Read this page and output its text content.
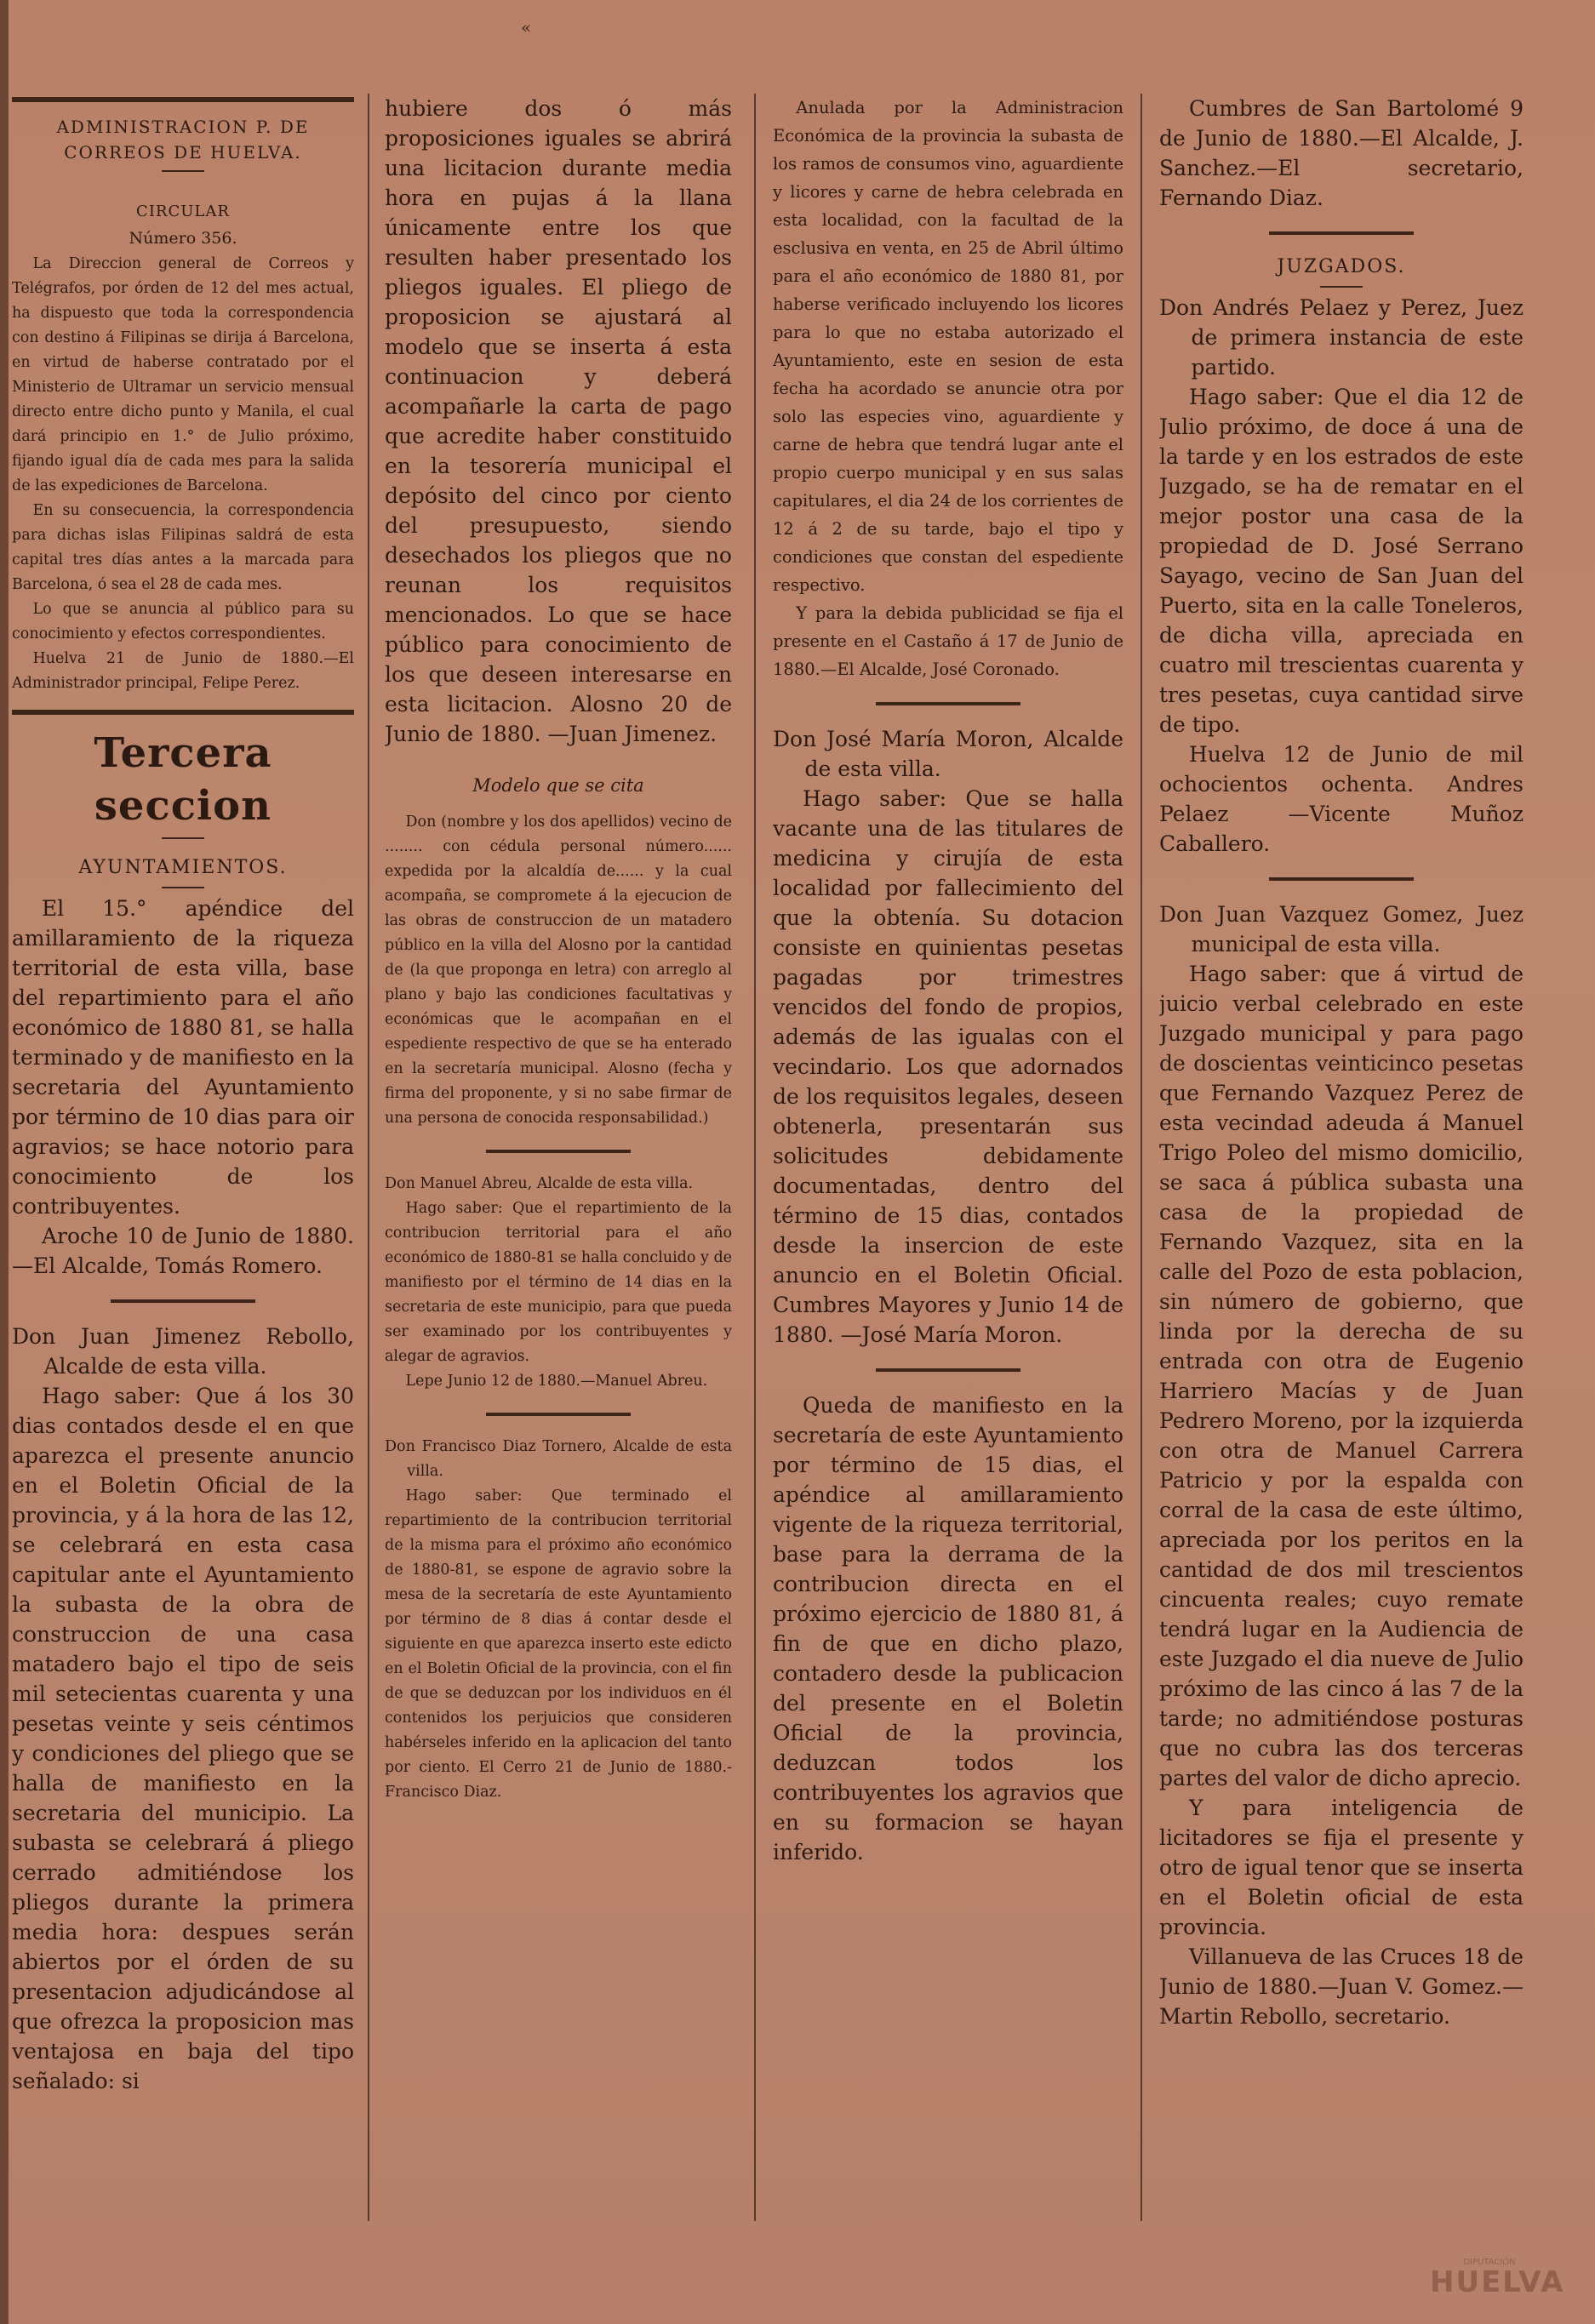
«

ADMINISTRACION P. DE CORREOS DE HUELVA.

CIRCULAR

Número 356.

La Direccion general de Correos y Telégrafos, por órden de 12 del mes actual, ha dispuesto que toda la correspondencia con destino á Filipinas se dirija á Barcelona, en virtud de haberse contratado por el Ministerio de Ultramar un servicio mensual directo entre dicho punto y Manila, el cual dará principio en 1.° de Julio próximo, fijando igual día de cada mes para la salida de las expediciones de Barcelona.

En su consecuencia, la correspondencia para dichas islas Filipinas saldrá de esta capital tres días antes a la marcada para Barcelona, ó sea el 28 de cada mes.

Lo que se anuncia al público para su conocimiento y efectos correspondientes.

Huelva 21 de Junio de 1880.—El Administrador principal, Felipe Perez.

Tercera seccion

AYUNTAMIENTOS.

El 15.° apéndice del amillaramiento de la riqueza territorial de esta villa, base del repartimiento para el año económico de 1880 81, se halla terminado y de manifiesto en la secretaria del Ayuntamiento por término de 10 dias para oir agravios; se hace notorio para conocimiento de los contribuyentes.

Aroche 10 de Junio de 1880.—El Alcalde, Tomás Romero.

Don Juan Jimenez Rebollo, Alcalde de esta villa.

Hago saber: Que á los 30 dias contados desde el en que aparezca el presente anuncio en el Boletin Oficial de la provincia, y á la hora de las 12, se celebrará en esta casa capitular ante el Ayuntamiento la subasta de la obra de construccion de una casa matadero bajo el tipo de seis mil setecientas cuarenta y una pesetas veinte y seis céntimos y condiciones del pliego que se halla de manifiesto en la secretaria del municipio. La subasta se celebrará á pliego cerrado admitiéndose los pliegos durante la primera media hora: despues serán abiertos por el órden de su presentacion adjudicándose al que ofrezca la proposicion mas ventajosa en baja del tipo señalado: si

hubiere dos ó más proposiciones iguales se abrirá una licitacion durante media hora en pujas á la llana únicamente entre los que resulten haber presentado los pliegos iguales. El pliego de proposicion se ajustará al modelo que se inserta á esta continuacion y deberá acompañarle la carta de pago que acredite haber constituido en la tesorería municipal el depósito del cinco por ciento del presupuesto, siendo desechados los pliegos que no reunan los requisitos mencionados. Lo que se hace público para conocimiento de los que deseen interesarse en esta licitacion. Alosno 20 de Junio de 1880. —Juan Jimenez.

Modelo que se cita

Don (nombre y los dos apellidos) vecino de ........ con cédula personal número...... expedida por la alcaldía de...... y la cual acompaña, se compromete á la ejecucion de las obras de construccion de un matadero público en la villa del Alosno por la cantidad de (la que proponga en letra) con arreglo al plano y bajo las condiciones facultativas y económicas que le acompañan en el espediente respectivo de que se ha enterado en la secretaría municipal. Alosno (fecha y firma del proponente, y si no sabe firmar de una persona de conocida responsabilidad.)

Don Manuel Abreu, Alcalde de esta villa.

Hago saber: Que el repartimiento de la contribucion territorial para el año económico de 1880-81 se halla concluido y de manifiesto por el término de 14 dias en la secretaria de este municipio, para que pueda ser examinado por los contribuyentes y alegar de agravios.

Lepe Junio 12 de 1880.—Manuel Abreu.

Don Francisco Diaz Tornero, Alcalde de esta villa.

Hago saber: Que terminado el repartimiento de la contribucion territorial de la misma para el próximo año económico de 1880-81, se espone de agravio sobre la mesa de la secretaría de este Ayuntamiento por término de 8 dias á contar desde el siguiente en que aparezca inserto este edicto en el Boletin Oficial de la provincia, con el fin de que se deduzcan por los individuos en él contenidos los perjuicios que consideren habérseles inferido en la aplicacion del tanto por ciento. El Cerro 21 de Junio de 1880.-Francisco Diaz.

Anulada por la Administracion Económica de la provincia la subasta de los ramos de consumos vino, aguardiente y licores y carne de hebra celebrada en esta localidad, con la facultad de la esclusiva en venta, en 25 de Abril último para el año económico de 1880 81, por haberse verificado incluyendo los licores para lo que no estaba autorizado el Ayuntamiento, este en sesion de esta fecha ha acordado se anuncie otra por solo las especies vino, aguardiente y carne de hebra que tendrá lugar ante el propio cuerpo municipal y en sus salas capitulares, el dia 24 de los corrientes de 12 á 2 de su tarde, bajo el tipo y condiciones que constan del espediente respectivo.

Y para la debida publicidad se fija el presente en el Castaño á 17 de Junio de 1880.—El Alcalde, José Coronado.

Don José María Moron, Alcalde de esta villa.

Hago saber: Que se halla vacante una de las titulares de medicina y cirujía de esta localidad por fallecimiento del que la obtenía. Su dotacion consiste en quinientas pesetas pagadas por trimestres vencidos del fondo de propios, además de las igualas con el vecindario. Los que adornados de los requisitos legales, deseen obtenerla, presentarán sus solicitudes debidamente documentadas, dentro del término de 15 dias, contados desde la insercion de este anuncio en el Boletin Oficial. Cumbres Mayores y Junio 14 de 1880. —José María Moron.

Queda de manifiesto en la secretaría de este Ayuntamiento por término de 15 dias, el apéndice al amillaramiento vigente de la riqueza territorial, base para la derrama de la contribucion directa en el próximo ejercicio de 1880 81, á fin de que en dicho plazo, contadero desde la publicacion del presente en el Boletin Oficial de la provincia, deduzcan todos los contribuyentes los agravios que en su formacion se hayan inferido.

Cumbres de San Bartolomé 9 de Junio de 1880.—El Alcalde, J. Sanchez.—El secretario, Fernando Diaz.

JUZGADOS.

Don Andrés Pelaez y Perez, Juez de primera instancia de este partido.

Hago saber: Que el dia 12 de Julio próximo, de doce á una de la tarde y en los estrados de este Juzgado, se ha de rematar en el mejor postor una casa de la propiedad de D. José Serrano Sayago, vecino de San Juan del Puerto, sita en la calle Toneleros, de dicha villa, apreciada en cuatro mil trescientas cuarenta y tres pesetas, cuya cantidad sirve de tipo.

Huelva 12 de Junio de mil ochocientos ochenta. Andres Pelaez —Vicente Muñoz Caballero.

Don Juan Vazquez Gomez, Juez municipal de esta villa.

Hago saber: que á virtud de juicio verbal celebrado en este Juzgado municipal y para pago de doscientas veinticinco pesetas que Fernando Vazquez Perez de esta vecindad adeuda á Manuel Trigo Poleo del mismo domicilio, se saca á pública subasta una casa de la propiedad de Fernando Vazquez, sita en la calle del Pozo de esta poblacion, sin número de gobierno, que linda por la derecha de su entrada con otra de Eugenio Harriero Macías y de Juan Pedrero Moreno, por la izquierda con otra de Manuel Carrera Patricio y por la espalda con corral de la casa de este último, apreciada por los peritos en la cantidad de dos mil trescientos cincuenta reales; cuyo remate tendrá lugar en la Audiencia de este Juzgado el dia nueve de Julio próximo de las cinco á las 7 de la tarde; no admitiéndose posturas que no cubra las dos terceras partes del valor de dicho aprecio.

Y para inteligencia de licitadores se fija el presente y otro de igual tenor que se inserta en el Boletin oficial de esta provincia.

Villanueva de las Cruces 18 de Junio de 1880.—Juan V. Gomez.—Martin Rebollo, secretario.

DIPUTACIÓN
HUELVA
